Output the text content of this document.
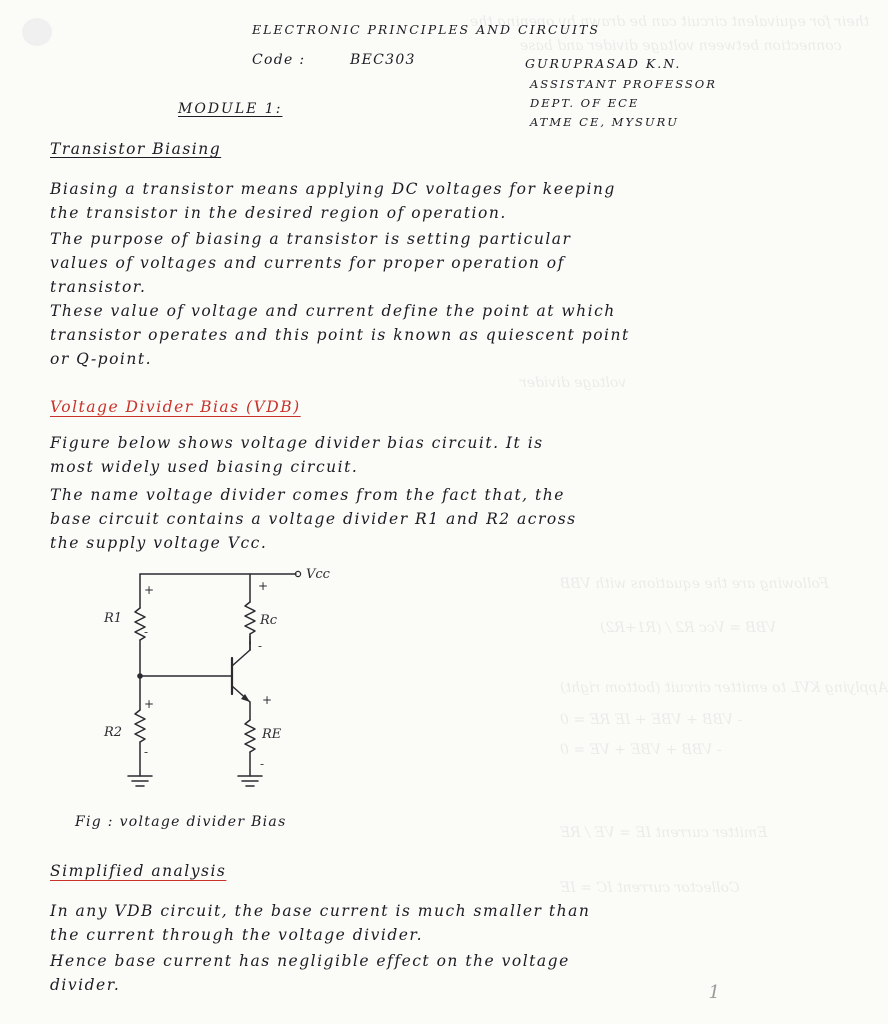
their for equivalent circuit can be drawn by opening the
connection between voltage divider and base
voltage divider
Following are the equations with VBB
VBB = Vcc R2 / (R1+R2)
Applying KVL to emitter circuit (bottom right)
- VBB + VBE + IE RE = 0
- VBB + VBE + VE = 0
Emitter current IE = VE / RE
Collector current IC = IE
ELECTRONIC PRINCIPLES AND CIRCUITS
Code :	BEC303	GURUPRASAD K.N.
ASSISTANT PROFESSOR
DEPT. OF ECE
ATME CE, MYSURU
MODULE 1:
Transistor Biasing
Biasing a transistor means applying DC voltages for keeping
the transistor in the desired region of operation.
The purpose of biasing a transistor is setting particular
values of voltages and currents for proper operation of
transistor.
These value of voltage and current define the point at which
transistor operates and this point is known as quiescent point
or Q-point.
Voltage Divider Bias (VDB)
Figure below shows voltage divider bias circuit. It is
most widely used biasing circuit.
The name voltage divider comes from the fact that, the
base circuit contains a voltage divider R1 and R2 across
the supply voltage Vcc.
Vcc
R1
R2
Rc
RE
+
-
+
-
+
-
+
-
Fig : voltage divider Bias
Simplified analysis
In any VDB circuit, the base current is much smaller than
the current through the voltage divider.
Hence base current has negligible effect on the voltage
divider.	1
